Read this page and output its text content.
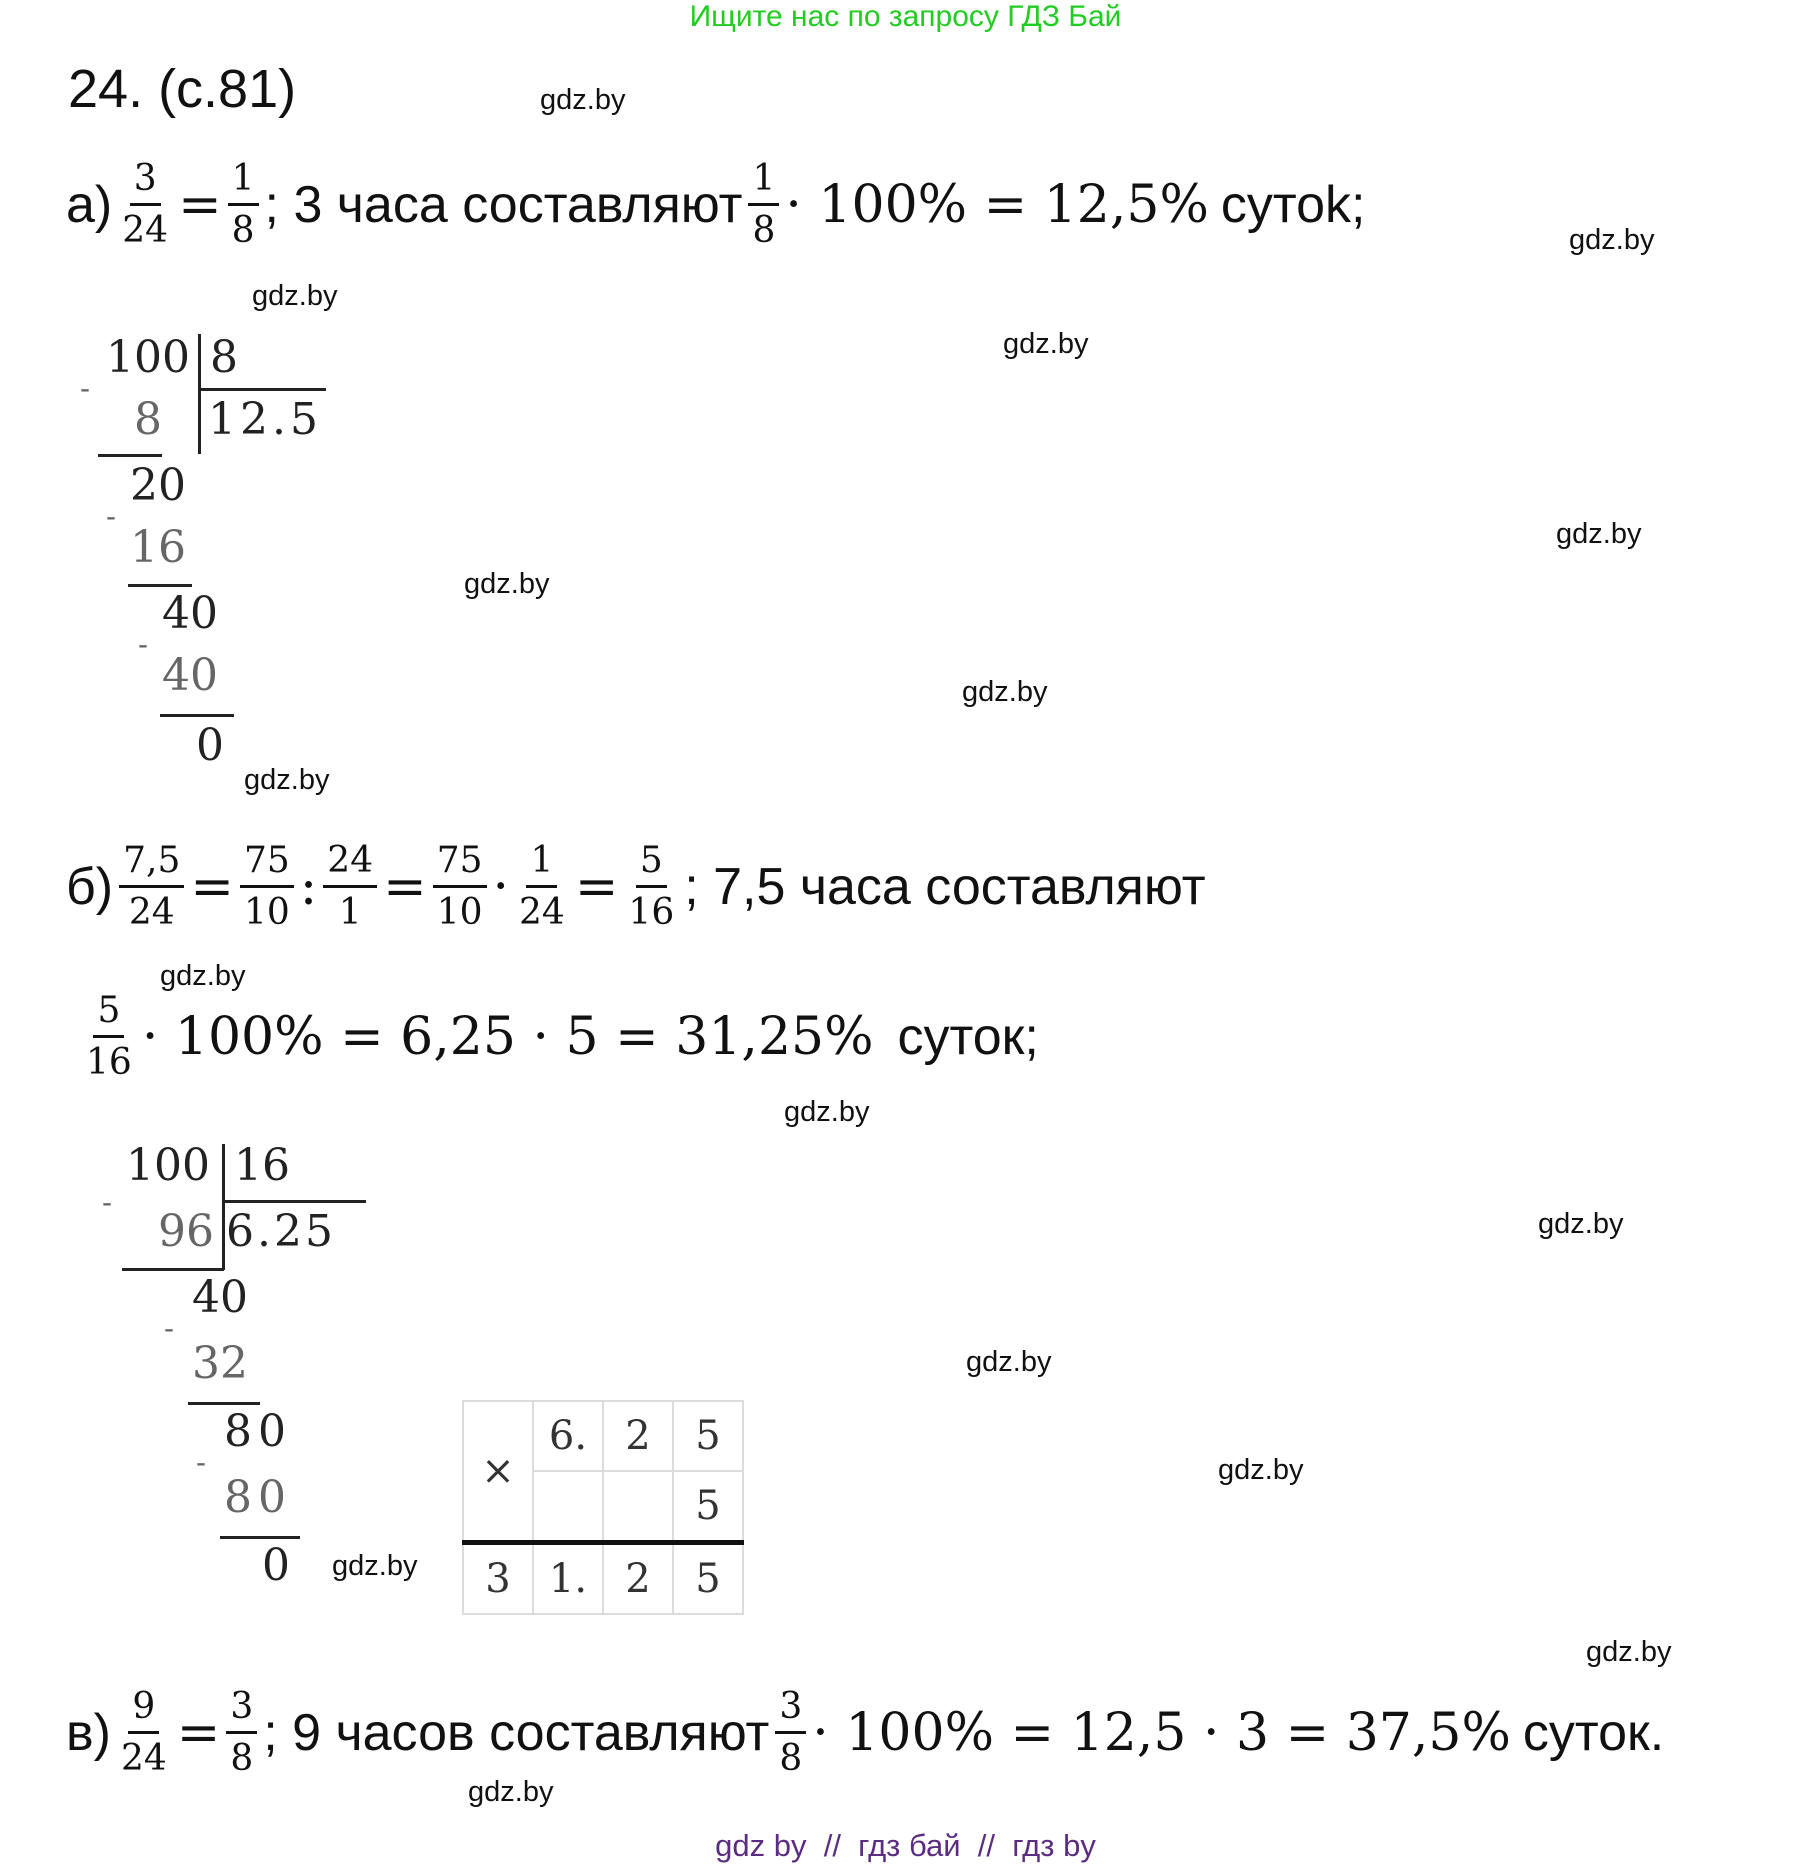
Ищите нас по запросу ГДЗ Бай
24. (с.81)	gdz.by
gdz.by
gdz.by
gdz.by
gdz.by
gdz.by
gdz.by
gdz.by
gdz.by
gdz.by
gdz.by
gdz.by
gdz.by
gdz.by
gdz.by
gdz.by
$а) \frac{3}{24} = \frac{1}{8}$ ; 3 часа составляют $\frac{1}{8} \cdot 100\% = 12,5\%$ сутоk;
100 8
12.5
-
8
20
-
16
40
-
40
0
$б) \frac{7,5}{24} = \frac{75}{10}$ : $\frac{24}{1} = \frac{75}{10} \cdot \frac{1}{24} = \frac{5}{16}$ ; 7,5 часа составляют
$\frac{5}{16} \cdot 100\% = 6,25 \cdot 5 = 31,25\%$ суток;
100 16
6.25
-
96
40
-
32
80
-
80
0
×	6.	2	5
			5
3	1.	2	5
$в) \frac{9}{24} = \frac{3}{8}$ ; 9 часов составляют $\frac{3}{8} \cdot 100\% = 12,5 \cdot 3 = 37,5\%$ суток.
gdz by  //  гдз бай  //  гдз by
